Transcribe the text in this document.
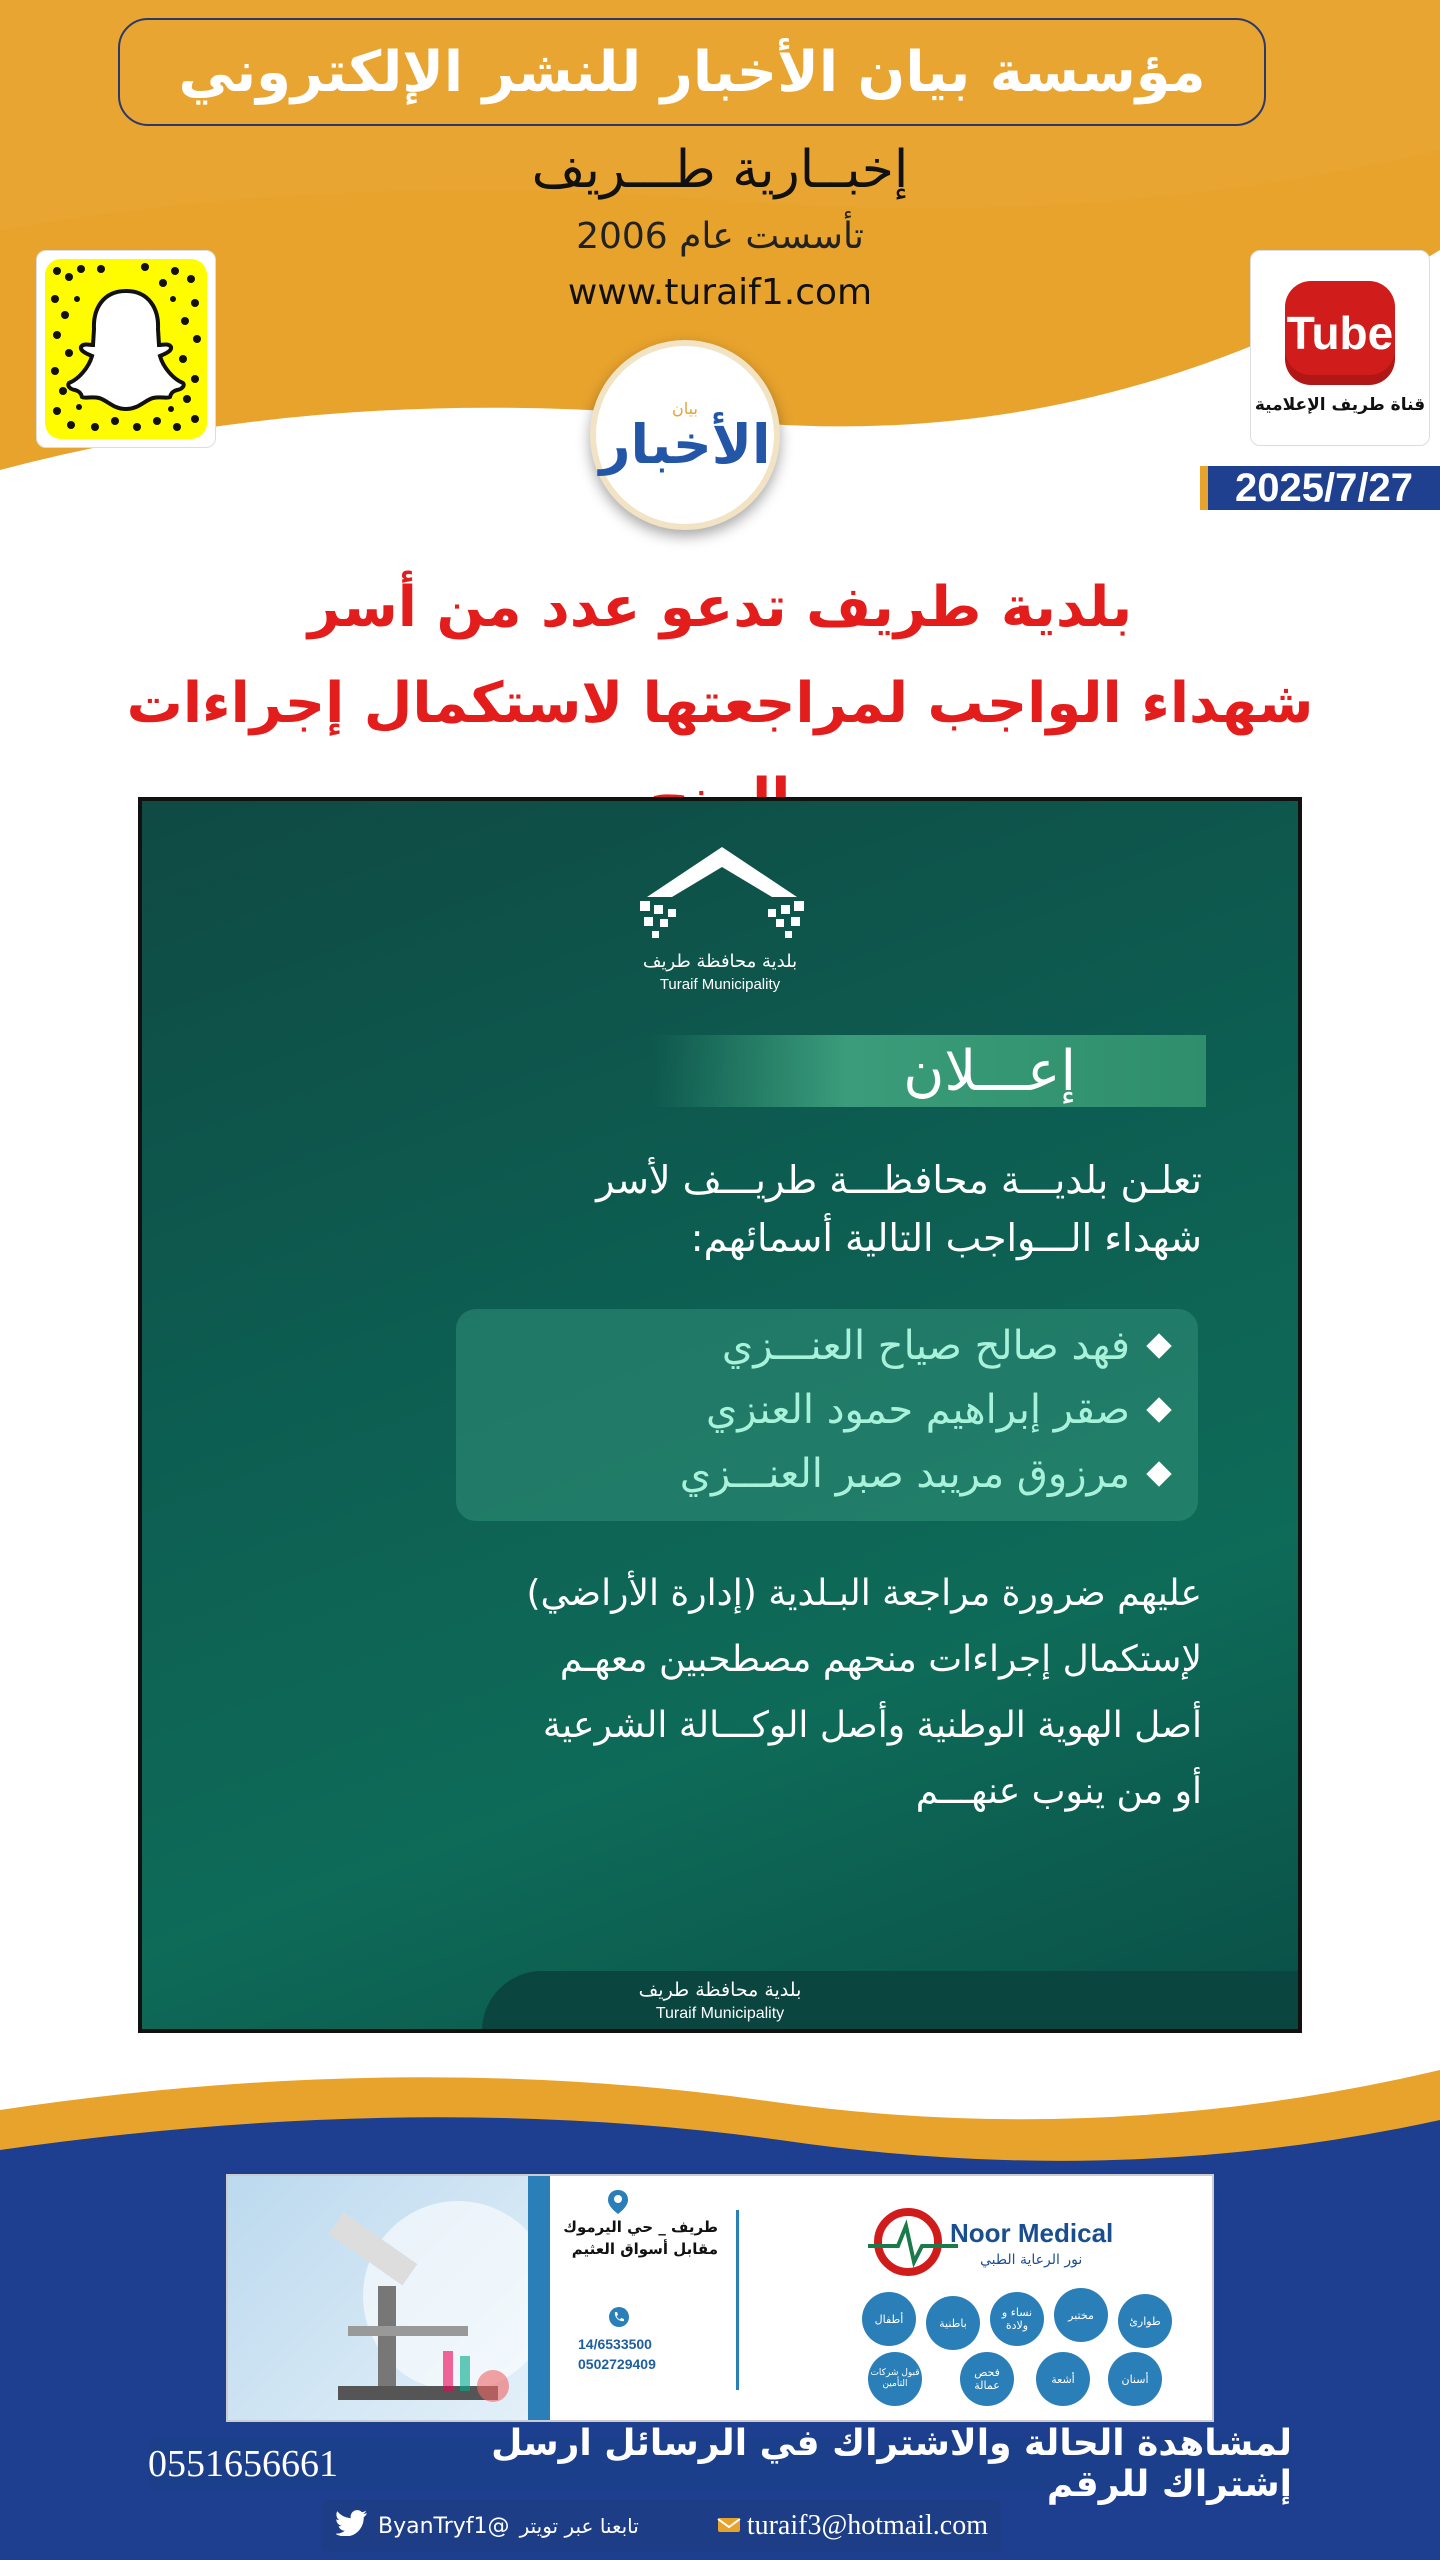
مؤسسة بيان الأخبار للنشر الإلكتروني
إخبــارية طـــريف
تأسست عام 2006
www.turaif1.com
بيان
الأخبار
Tube
قناة طريف الإعلامية
2025/7/27
بلدية طريف تدعو عدد من أسر
شهداء الواجب لمراجعتها لاستكمال إجراءات
بلدية محافظة طريف
Turaif Municipality
إعـــلان
تعلـن بلديـــة محافظـــة طريـــف لأسر
شهداء الـــواجب التالية أسمائهم:
فهد صالح صياح العنـــزي
صقر إبراهيم حمود العنزي
مرزوق مريبد صبر العنـــزي
عليهم ضرورة مراجعة البـلدية (إدارة الأراضي)
لإستكمال إجراءات منحهم مصطحبين معهـم
أصل الهوية الوطنية وأصل الوكـــالة الشرعية
أو من ينوب عنهـــم
بلدية محافظة طريف
Turaif Municipality
طريف _ حي اليرموك
مقابل أسواق العثيم
14/6533500
0502729409
Noor Medical
نور الرعاية الطبي
طوارئ
مختبر
نساء و ولادة
باطنية
أطفال
أسنان
أشعة
فحص عمالة
قبول شركات التأمين
لمشاهدة الحالة والاشتراك في الرسائل ارسل إشتراك للرقم
0551656661
ByanTryf1@ تابعنا عبر تويتر	turaif3@hotmail.com
